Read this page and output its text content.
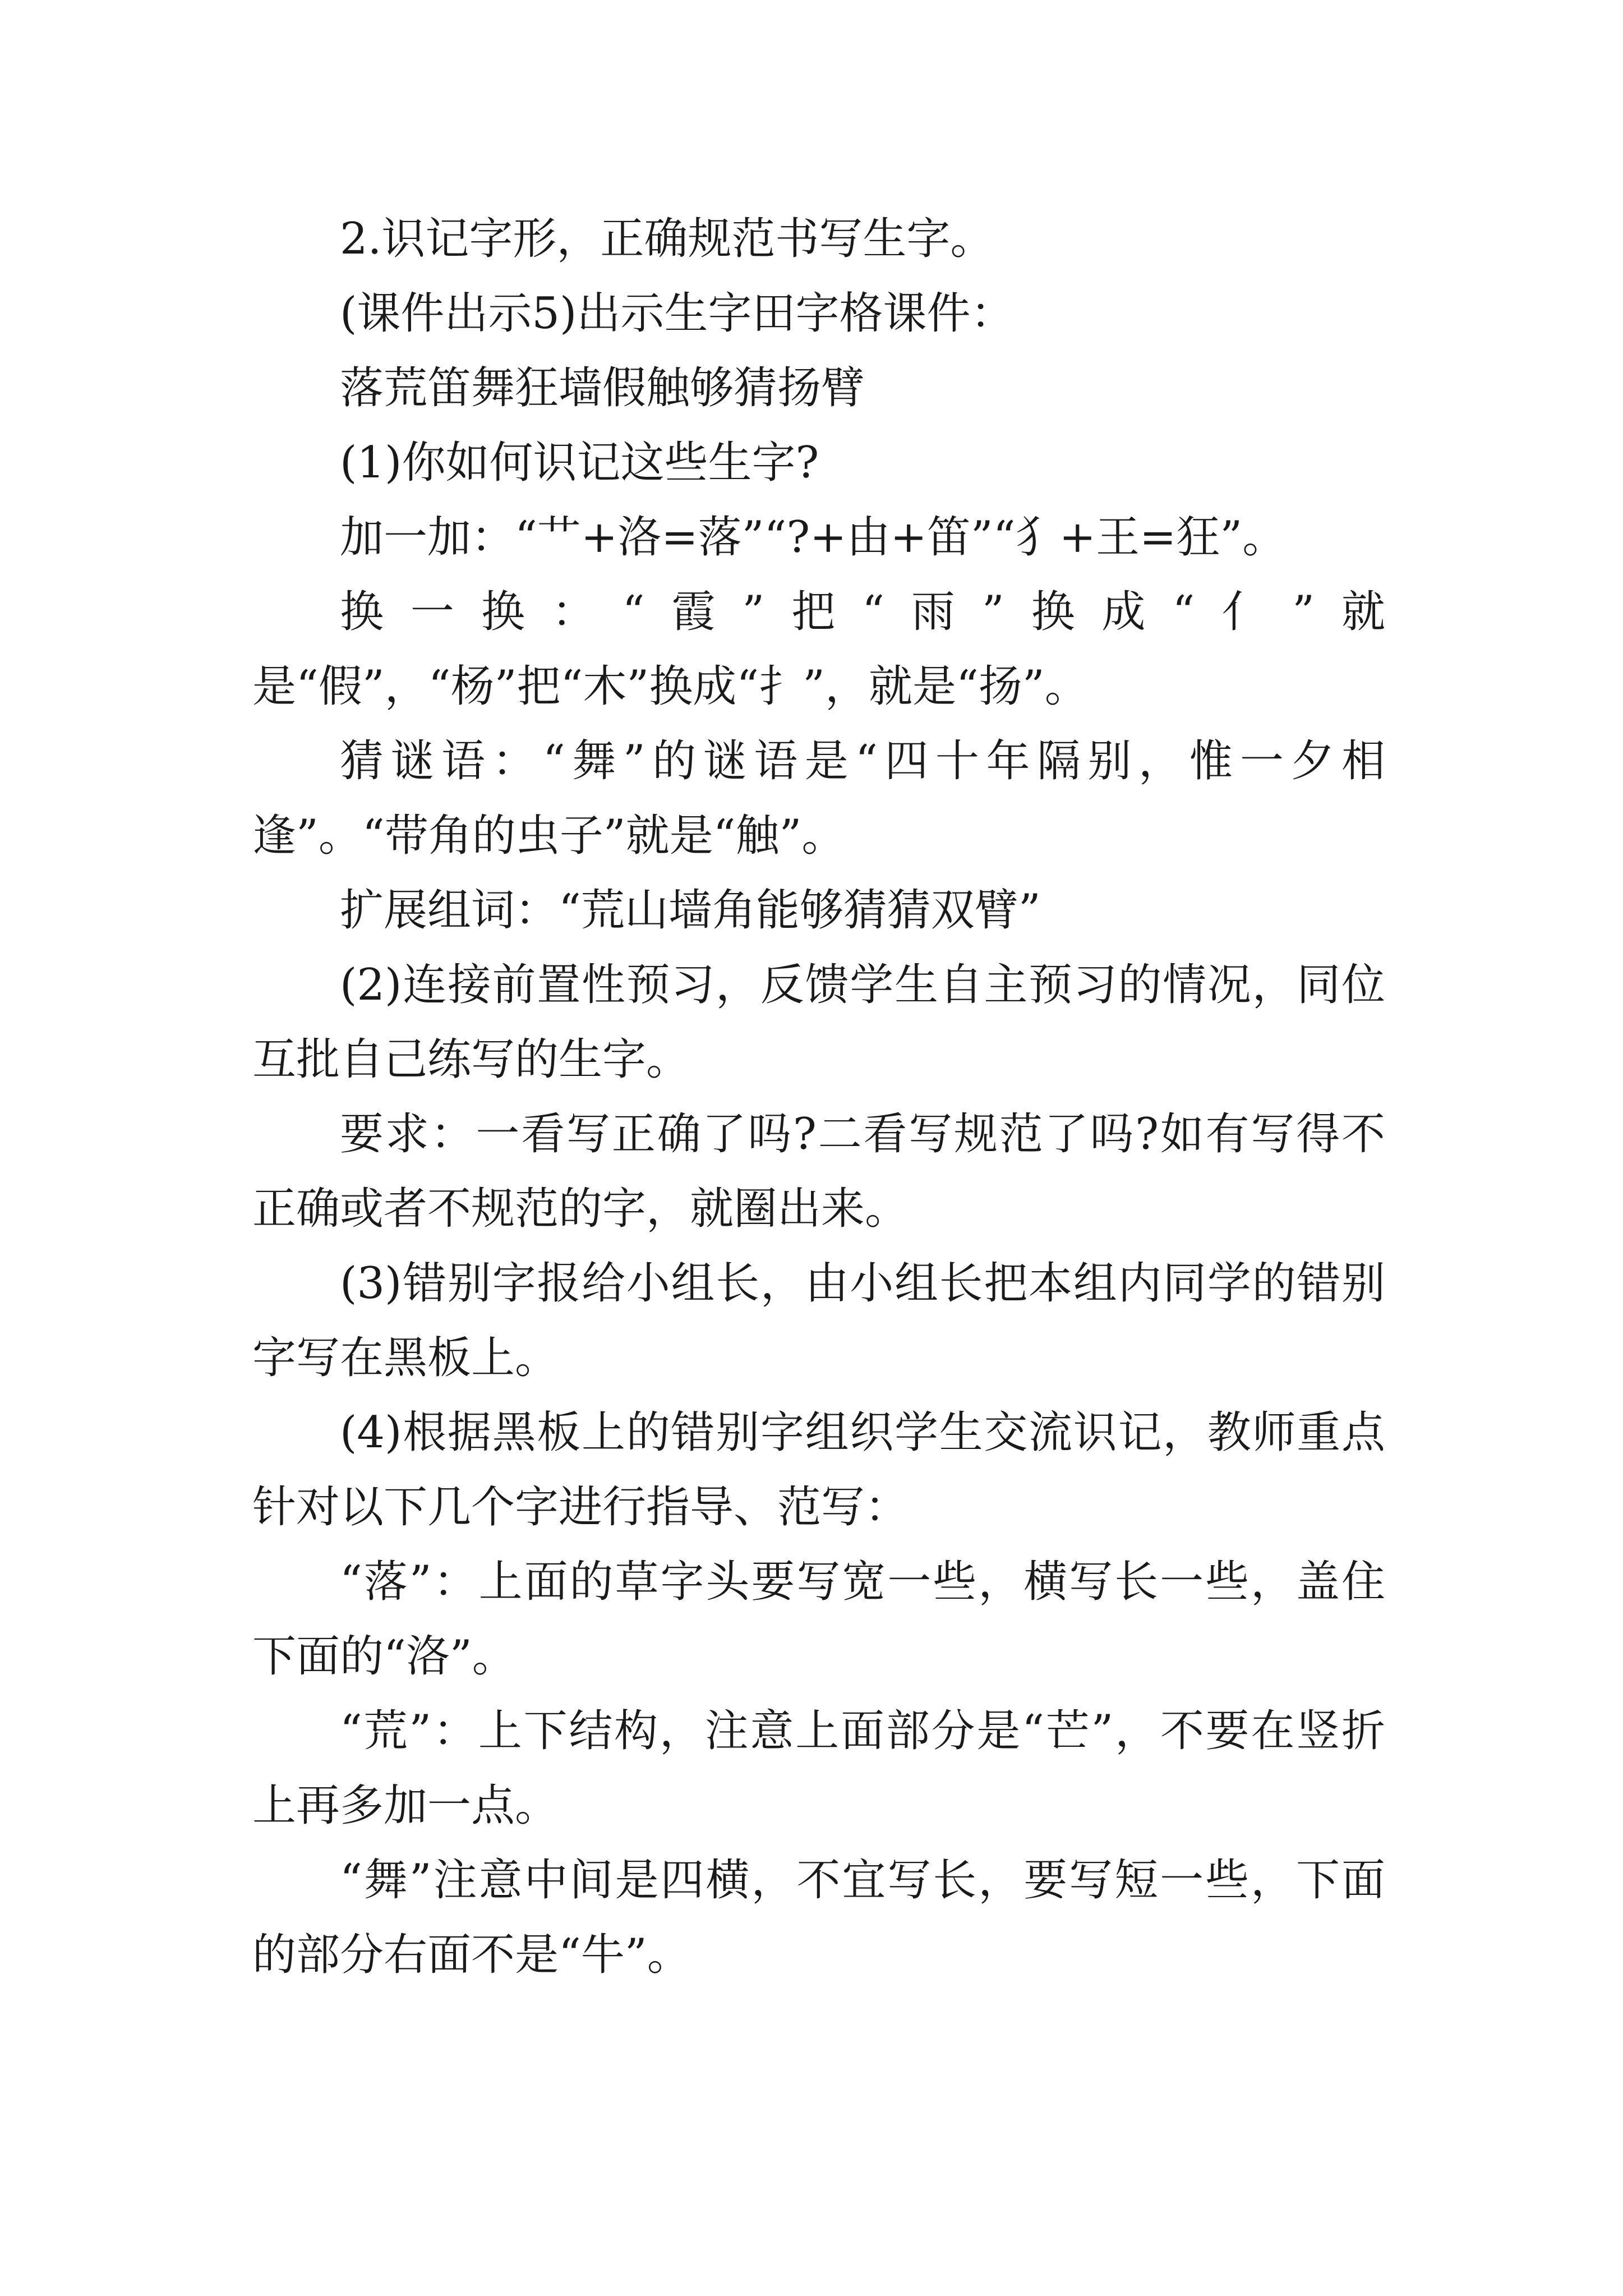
2.识记字形，正确规范书写生字。

(课件出示5)出示生字田字格课件：

落荒笛舞狂墙假触够猜扬臂

(1)你如何识记这些生字?

加一加：“艹+洛=落”“?+由+笛”“犭+王=狂”。

换一换：“霞”把“雨”换成“亻”就是“假”，“杨”把“木”换成“扌”，就是“扬”。

猜谜语：“舞”的谜语是“四十年隔别，惟一夕相逢”。“带角的虫子”就是“触”。

扩展组词：“荒山墙角能够猜猜双臂”

(2)连接前置性预习，反馈学生自主预习的情况，同位互批自己练写的生字。

要求：一看写正确了吗?二看写规范了吗?如有写得不正确或者不规范的字，就圈出来。

(3)错别字报给小组长，由小组长把本组内同学的错别字写在黑板上。

(4)根据黑板上的错别字组织学生交流识记，教师重点针对以下几个字进行指导、范写：

“落”：上面的草字头要写宽一些，横写长一些，盖住下面的“洛”。

“荒”：上下结构，注意上面部分是“芒”，不要在竖折上再多加一点。

“舞”注意中间是四横，不宜写长，要写短一些，下面的部分右面不是“牛”。
